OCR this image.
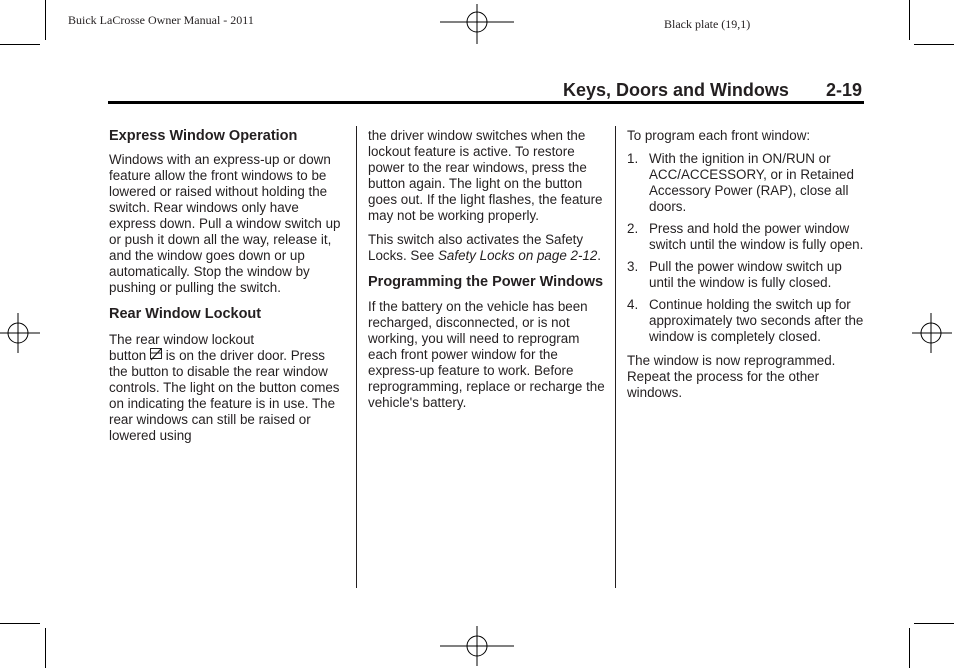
Buick LaCrosse Owner Manual - 2011	Black plate (19,1)
Keys, Doors and Windows 2-19
Express Window Operation

Windows with an express-up or down feature allow the front windows to be lowered or raised without holding the switch. Rear windows only have express down. Pull a window switch up or push it down all the way, release it, and the window goes down or up automatically. Stop the window by pushing or pulling the switch.

Rear Window Lockout

The rear window lockout
button is on the driver door. Press the button to disable the rear window controls. The light on the button comes on indicating the feature is in use. The rear windows can still be raised or lowered using

the driver window switches when the lockout feature is active. To restore power to the rear windows, press the button again. The light on the button goes out. If the light flashes, the feature may not be working properly.

This switch also activates the Safety Locks. See Safety Locks on page 2-12.

Programming the Power Windows

If the battery on the vehicle has been recharged, disconnected, or is not working, you will need to reprogram each front power window for the express-up feature to work. Before reprogramming, replace or recharge the vehicle's battery.

To program each front window:

1. With the ignition in ON/RUN or ACC/ACCESSORY, or in Retained Accessory Power (RAP), close all doors.
2. Press and hold the power window switch until the window is fully open.
3. Pull the power window switch up until the window is fully closed.
4. Continue holding the switch up for approximately two seconds after the window is completely closed.

The window is now reprogrammed. Repeat the process for the other windows.
